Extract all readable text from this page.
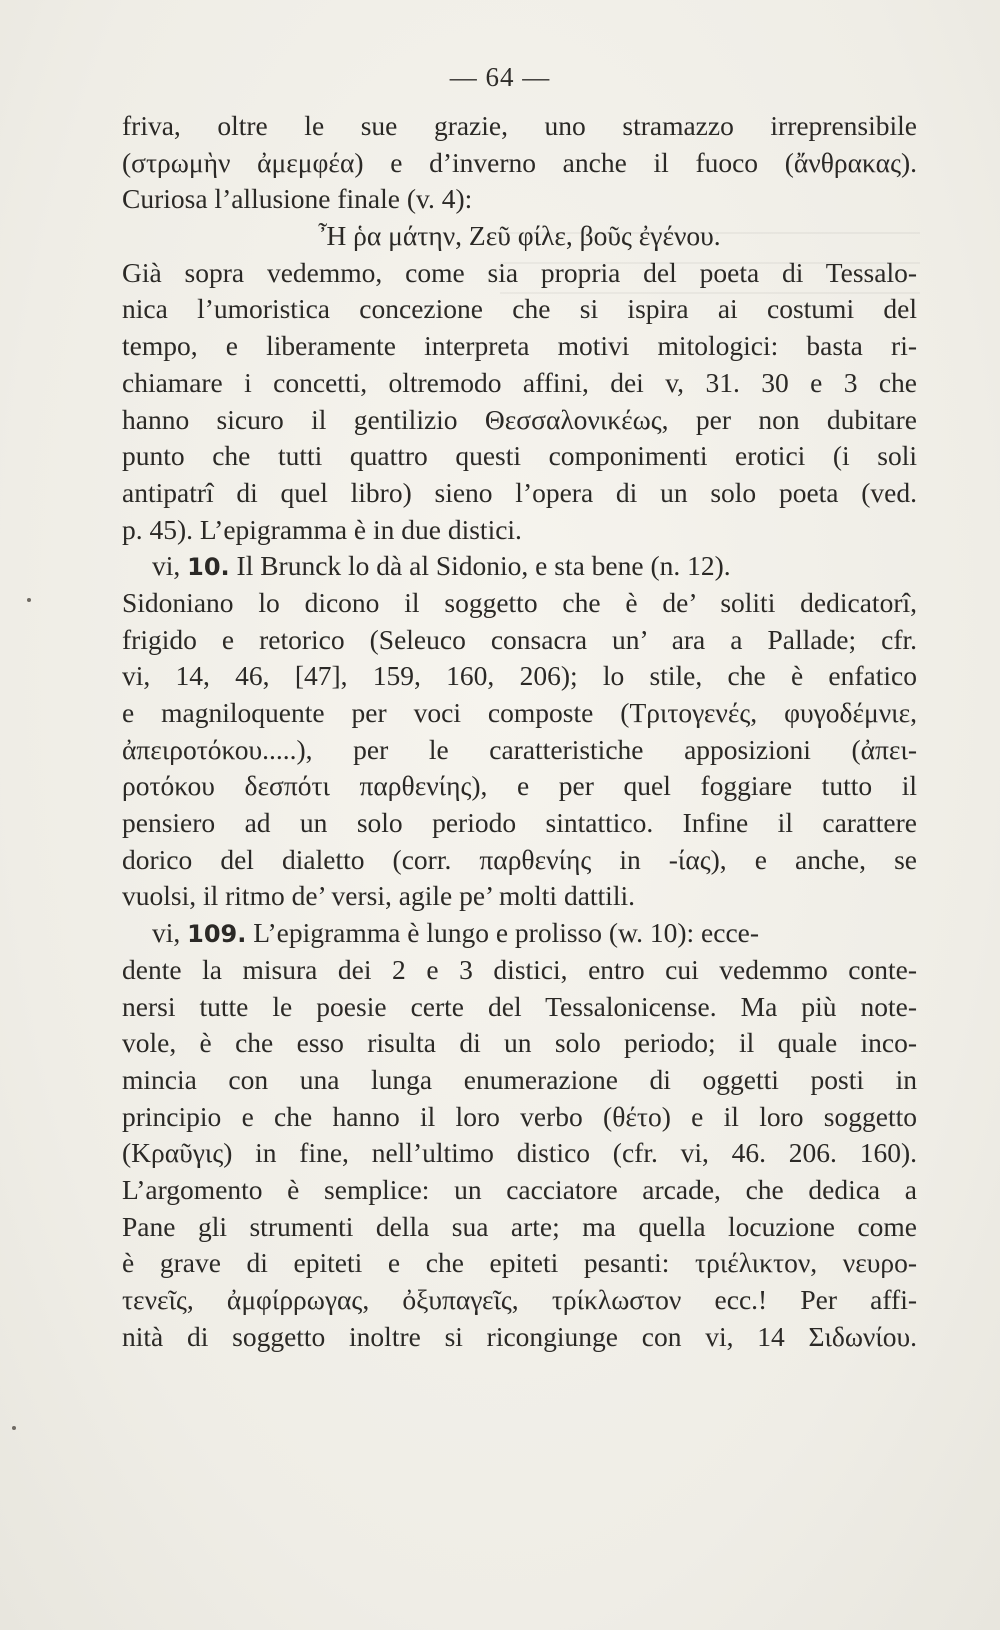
— 64 —
friva, oltre le sue grazie, uno stramazzo irreprensibile
(στρωμὴν ἀμεμφέα) e d’inverno anche il fuoco (ἄνθρακας).
Curiosa l’allusione finale (v. 4):
Ἦ ῥα μάτην, Ζεῦ φίλε, βοῦς ἐγένου.
Già sopra vedemmo, come sia propria del poeta di Tessalo-
nica l’umoristica concezione che si ispira ai costumi del
tempo, e liberamente interpreta motivi mitologici: basta ri-
chiamare i concetti, oltremodo affini, dei v, 31. 30 e 3 che
hanno sicuro il gentilizio Θεσσαλονικέως, per non dubitare
punto che tutti quattro questi componimenti erotici (i soli
antipatrî di quel libro) sieno l’opera di un solo poeta (ved.
p. 45). L’epigramma è in due distici.
vi, 10. Il Brunck lo dà al Sidonio, e sta bene (n. 12).
Sidoniano lo dicono il soggetto che è de’ soliti dedicatorî,
frigido e retorico (Seleuco consacra un’ ara a Pallade; cfr.
vi, 14, 46, [47], 159, 160, 206); lo stile, che è enfatico
e magniloquente per voci composte (Τριτογενές, φυγοδέμνιε,
ἀπειροτόκου.....), per le caratteristiche apposizioni (ἀπει-
ροτόκου δεσπότι παρθενίης), e per quel foggiare tutto il
pensiero ad un solo periodo sintattico. Infine il carattere
dorico del dialetto (corr. παρθενίης in -ίας), e anche, se
vuolsi, il ritmo de’ versi, agile pe’ molti dattili.
vi, 109. L’epigramma è lungo e prolisso (w. 10): ecce-
dente la misura dei 2 e 3 distici, entro cui vedemmo conte-
nersi tutte le poesie certe del Tessalonicense. Ma più note-
vole, è che esso risulta di un solo periodo; il quale inco-
mincia con una lunga enumerazione di oggetti posti in
principio e che hanno il loro verbo (θέτο) e il loro soggetto
(Κραῦγις) in fine, nell’ultimo distico (cfr. vi, 46. 206. 160).
L’argomento è semplice: un cacciatore arcade, che dedica a
Pane gli strumenti della sua arte; ma quella locuzione come
è grave di epiteti e che epiteti pesanti: τριέλικτον, νευρο-
τενεῖς, ἀμφίρρωγας, ὀξυπαγεῖς, τρίκλωστον ecc.! Per affi-
nità di soggetto inoltre si ricongiunge con vi, 14 Σιδωνίου.
